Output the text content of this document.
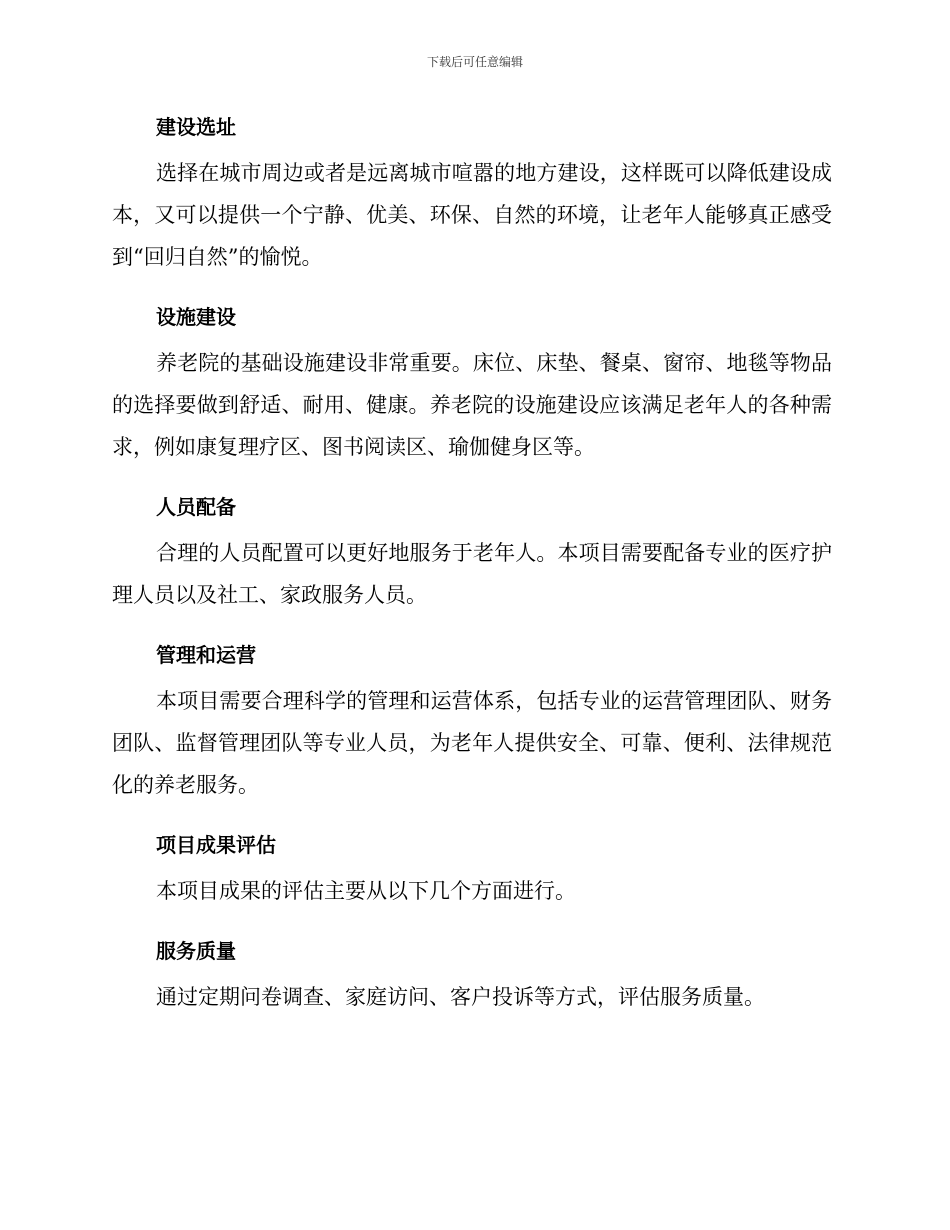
下载后可任意编辑
建设选址

选择在城市周边或者是远离城市喧嚣的地方建设，这样既可以降低建设成本，又可以提供一个宁静、优美、环保、自然的环境，让老年人能够真正感受到“回归自然”的愉悦。

设施建设

养老院的基础设施建设非常重要。床位、床垫、餐桌、窗帘、地毯等物品的选择要做到舒适、耐用、健康。养老院的设施建设应该满足老年人的各种需求，例如康复理疗区、图书阅读区、瑜伽健身区等。

人员配备

合理的人员配置可以更好地服务于老年人。本项目需要配备专业的医疗护理人员以及社工、家政服务人员。

管理和运营

本项目需要合理科学的管理和运营体系，包括专业的运营管理团队、财务团队、监督管理团队等专业人员，为老年人提供安全、可靠、便利、法律规范化的养老服务。

项目成果评估

本项目成果的评估主要从以下几个方面进行。

服务质量

通过定期问卷调查、家庭访问、客户投诉等方式，评估服务质量。
